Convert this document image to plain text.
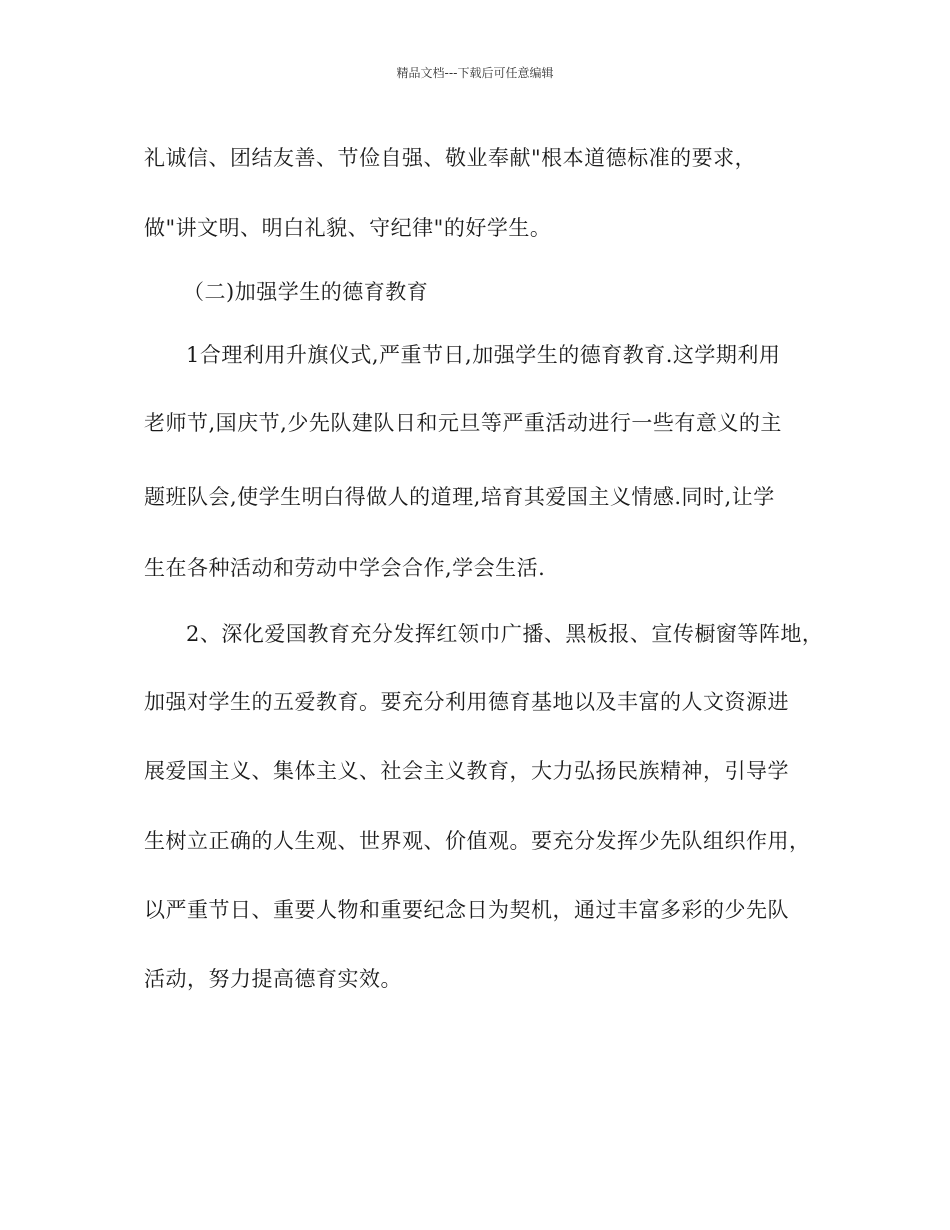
精品文档---下载后可任意编辑
礼诚信、团结友善、节俭自强、敬业奉献"根本道德标准的要求，
做"讲文明、明白礼貌、守纪律"的好学生。
（二)加强学生的德育教育
1合理利用升旗仪式,严重节日,加强学生的德育教育.这学期利用
老师节,国庆节,少先队建队日和元旦等严重活动进行一些有意义的主
题班队会,使学生明白得做人的道理,培育其爱国主义情感.同时,让学
生在各种活动和劳动中学会合作,学会生活.
2、深化爱国教育充分发挥红领巾广播、黑板报、宣传橱窗等阵地，
加强对学生的五爱教育。要充分利用德育基地以及丰富的人文资源进
展爱国主义、集体主义、社会主义教育，大力弘扬民族精神，引导学
生树立正确的人生观、世界观、价值观。要充分发挥少先队组织作用，
以严重节日、重要人物和重要纪念日为契机，通过丰富多彩的少先队
活动，努力提高德育实效。
